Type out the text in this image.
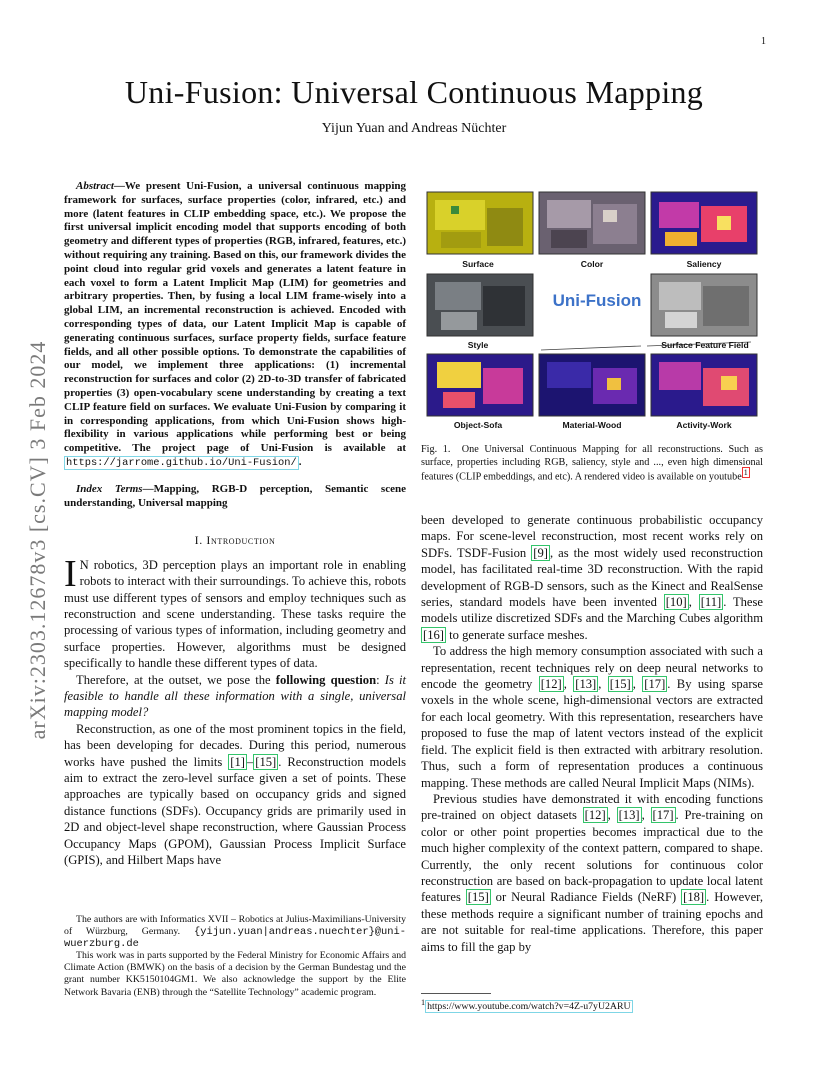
1
arXiv:2303.12678v3 [cs.CV] 3 Feb 2024
Uni-Fusion: Universal Continuous Mapping
Yijun Yuan and Andreas Nüchter
Abstract—We present Uni-Fusion, a universal continuous mapping framework for surfaces, surface properties (color, infrared, etc.) and more (latent features in CLIP embedding space, etc.). We propose the first universal implicit encoding model that supports encoding of both geometry and different types of properties (RGB, infrared, features, etc.) without requiring any training. Based on this, our framework divides the point cloud into regular grid voxels and generates a latent feature in each voxel to form a Latent Implicit Map (LIM) for geometries and arbitrary properties. Then, by fusing a local LIM frame-wisely into a global LIM, an incremental reconstruction is achieved. Encoded with corresponding types of data, our Latent Implicit Map is capable of generating continuous surfaces, surface property fields, surface feature fields, and all other possible options. To demonstrate the capabilities of our model, we implement three applications: (1) incremental reconstruction for surfaces and color (2) 2D-to-3D transfer of fabricated properties (3) open-vocabulary scene understanding by creating a text CLIP feature field on surfaces. We evaluate Uni-Fusion by comparing it in corresponding applications, from which Uni-Fusion shows high-flexibility in various applications while performing best or being competitive. The project page of Uni-Fusion is available at https://jarrome.github.io/Uni-Fusion/ .
Index Terms—Mapping, RGB-D perception, Semantic scene understanding, Universal mapping
I. Introduction

I N robotics, 3D perception plays an important role in enabling robots to interact with their surroundings. To achieve this, robots must use different types of sensors and employ techniques such as reconstruction and scene understanding. These tasks require the processing of various types of information, including geometry and surface properties. However, algorithms must be designed specifically to handle these different types of data.

Therefore, at the outset, we pose the following question: Is it feasible to handle all these information with a single, universal mapping model?

Reconstruction, as one of the most prominent topics in the field, has been developing for decades. During this period, numerous works have pushed the limits [1] – [15] . Reconstruction models aim to extract the zero-level surface given a set of points. These approaches are typically based on occupancy grids and signed distance functions (SDFs). Occupancy grids are primarily used in 2D and object-level shape reconstruction, where Gaussian Process Occupancy Maps (GPOM), Gaussian Process Implicit Surface (GPIS), and Hilbert Maps have

The authors are with Informatics XVII – Robotics at Julius-Maximilians-University of Würzburg, Germany. {yijun.yuan|andreas.nuechter}@uni-wuerzburg.de

This work was in parts supported by the Federal Ministry for Economic Affairs and Climate Action (BMWK) on the basis of a decision by the German Bundestag und the grant number KK5150104GM1. We also acknowledge the support by the Elite Network Bavaria (ENB) through the “Satellite Technology” academic program.

Surface	Color	Saliency
Uni-Fusion
Style	Surface Feature Field
Object-Sofa	Material-Wood	Activity-Work
Fig. 1. One Universal Continuous Mapping for all reconstructions. Such as surface, properties including RGB, saliency, style and ..., even high dimensional features (CLIP embeddings, and etc). A rendered video is available on youtube $^1$

been developed to generate continuous probabilistic occupancy maps. For scene-level reconstruction, most recent works rely on SDFs. TSDF-Fusion [9] , as the most widely used reconstruction model, has facilitated real-time 3D reconstruction. With the rapid development of RGB-D sensors, such as the Kinect and RealSense series, standard models have been invented [10] , [11] . These models utilize discretized SDFs and the Marching Cubes algorithm [16] to generate surface meshes.

To address the high memory consumption associated with such a representation, recent techniques rely on deep neural networks to encode the geometry [12] , [13] , [15] , [17] . By using sparse voxels in the whole scene, high-dimensional vectors are extracted for each local geometry. With this representation, researchers have proposed to fuse the map of latent vectors instead of the explicit field. The explicit field is then extracted with arbitrary resolution. Thus, such a form of representation produces a continuous mapping. These methods are called Neural Implicit Maps (NIMs).

Previous studies have demonstrated it with encoding functions pre-trained on object datasets [12] , [13] , [17] . Pre-training on color or other point properties becomes impractical due to the much higher complexity of the context pattern, compared to shape. Currently, the only recent solutions for continuous color reconstruction are based on back-propagation to update local latent features [15] or Neural Radiance Fields (NeRF) [18] . However, these methods require a significant number of training epochs and are not suitable for real-time applications. Therefore, this paper aims to fill the gap by

$^1$ https://www.youtube.com/watch?v=4Z-u7yU2ARU
